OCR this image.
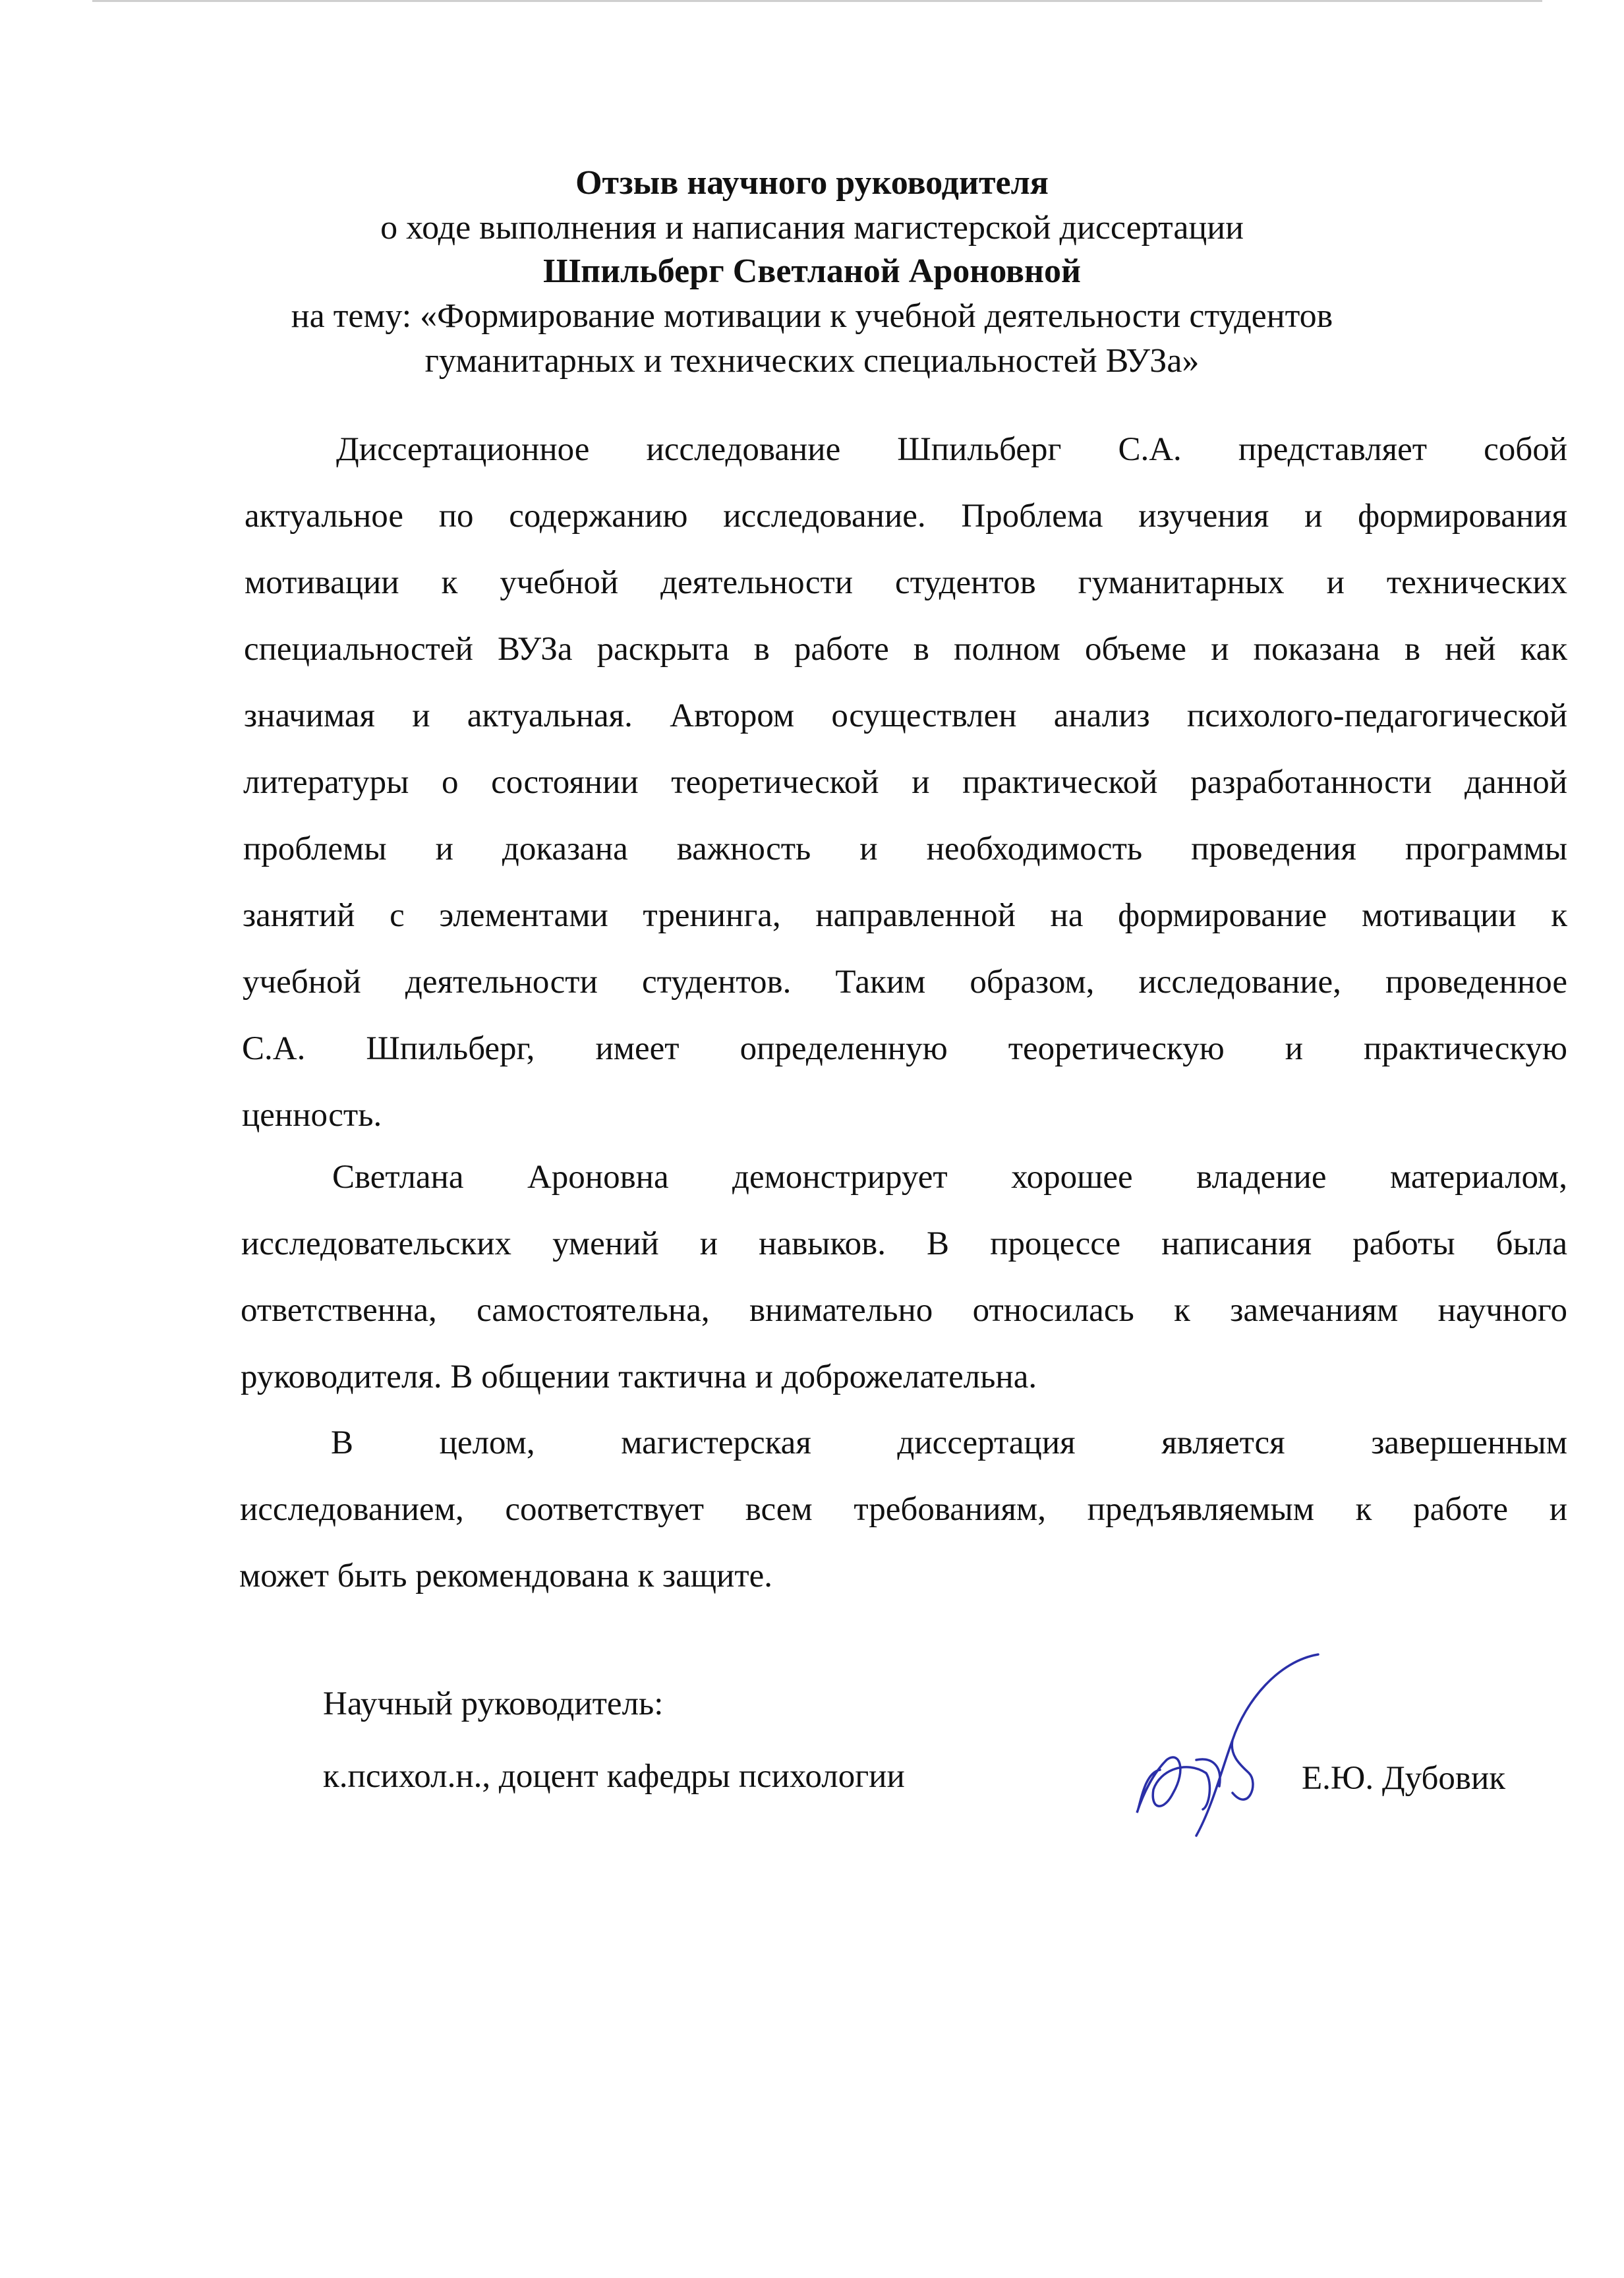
Отзыв научного руководителя
о ходе выполнения и написания магистерской диссертации
Шпильберг Светланой Ароновной
на тему: «Формирование мотивации к учебной деятельности студентов
гуманитарных и технических специальностей ВУЗа»
Диссертационное исследование Шпильберг С.А. представляет собой
актуальное по содержанию исследование. Проблема изучения и формирования
мотивации к учебной деятельности студентов гуманитарных и технических
специальностей ВУЗа раскрыта в работе в полном объеме и показана в ней как
значимая и актуальная. Автором осуществлен анализ психолого-педагогической
литературы о состоянии теоретической и практической разработанности данной
проблемы и доказана важность и необходимость проведения программы
занятий с элементами тренинга, направленной на формирование мотивации к
учебной деятельности студентов. Таким образом, исследование, проведенное
С.А. Шпильберг, имеет определенную теоретическую и практическую
ценность.
Светлана Ароновна демонстрирует хорошее владение материалом,
исследовательских умений и навыков. В процессе написания работы была
ответственна, самостоятельна, внимательно относилась к замечаниям научного
руководителя. В общении тактична и доброжелательна.
В целом, магистерская диссертация является завершенным
исследованием, соответствует всем требованиям, предъявляемым к работе и
может быть рекомендована к защите.
Научный руководитель:
к.психол.н., доцент кафедры психологии	Е.Ю. Дубовик
